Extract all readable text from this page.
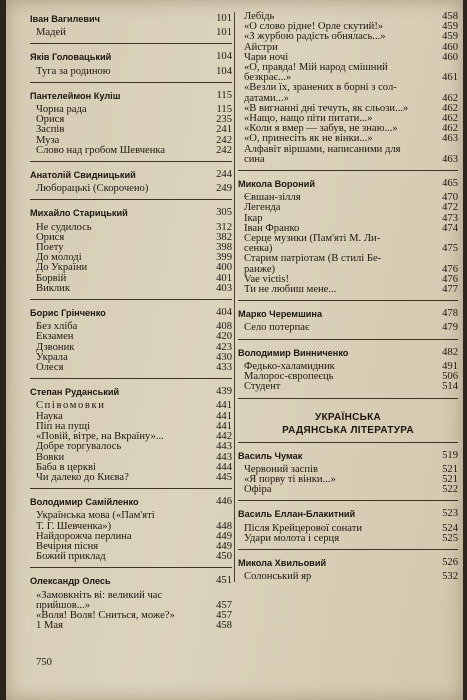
Іван Вагилевич	101
Мадей	101
Яків Головацький	104
Туга за родиною	104
Пантелеймон Куліш	115
Чорна рада	115
Орися	235
Заспів	241
Муза	242
Слово над гробом Шевченка	242
Анатолій Свидницький	244
Люборацькі (Скорочено)	249
Михайло Старицький	305
Не судилось	312
Орися	382
Поету	398
До молоді	399
До України	400
Борвій	401
Виклик	403
Борис Грінченко	404
Без хліба	408
Екзамен	420
Дзвоник	423
Украла	430
Олеся	433
Степан Руданський	439
Співомовки	441
Наука	441
Піп на пущі	441
«Повій, вітре, на Вкраїну»...	442
Добре торгувалось	443
Вовки	443
Баба в церкві	444
Чи далеко до Києва?	445
Володимир Самійленко	446
Українська мова («Пам'яті
Т. Г. Шевченка»)	448
Найдорожча перлина	449
Вечірня пісня	449
Божий приклад	450
Олександр Олесь	451
«Замовкніть ві: великий час
прийшов...»	457
«Воля! Воля! Сниться, може?»	457
1 Мая	458
Лебідь	458
«О слово рідне! Орле скутий!»	459
«З журбою радість обнялась...»	459
Айстри	460
Чари ночі	460
«О, правда! Мій народ смішний
безкрає...»	461
«Везли їх, зранених в борні з сол-
датами...»	462
«В вигнанні дні течуть, як сльози...»	462
«Нащо, нащо піти питати...»	462
«Коли я вмер — забув, не знаю...»	462
«О, принесіть як не вінки...»	463
Алфавіт віршами, написаними для
сина	463
Микола Вороний	465
Євшан-зілля	470
Легенда	472
Ікар	473
Іван Франко	474
Серце музики (Пам'яті М. Ли-
сенка)	475
Старим патріотам (В стилі Бе-
ранже)	476
Vae victis!	476
Ти не любиш мене...	477
Марко Черемшина	478
Село потерпає	479
Володимир Винниченко	482
Федько-халамидник	491
Малорос-європеєць	506
Студент	514
УКРАЇНСЬКА
РАДЯНСЬКА ЛІТЕРАТУРА
Василь Чумак	519
Червоний заспів	521
«Я порву ті вінки...»	521
Офіра	522
Василь Еллан-Блакитний	523
Після Крейцерової сонати	524
Удари молота і серця	525
Микола Хвильовий	526
Солонський яр	532
750
